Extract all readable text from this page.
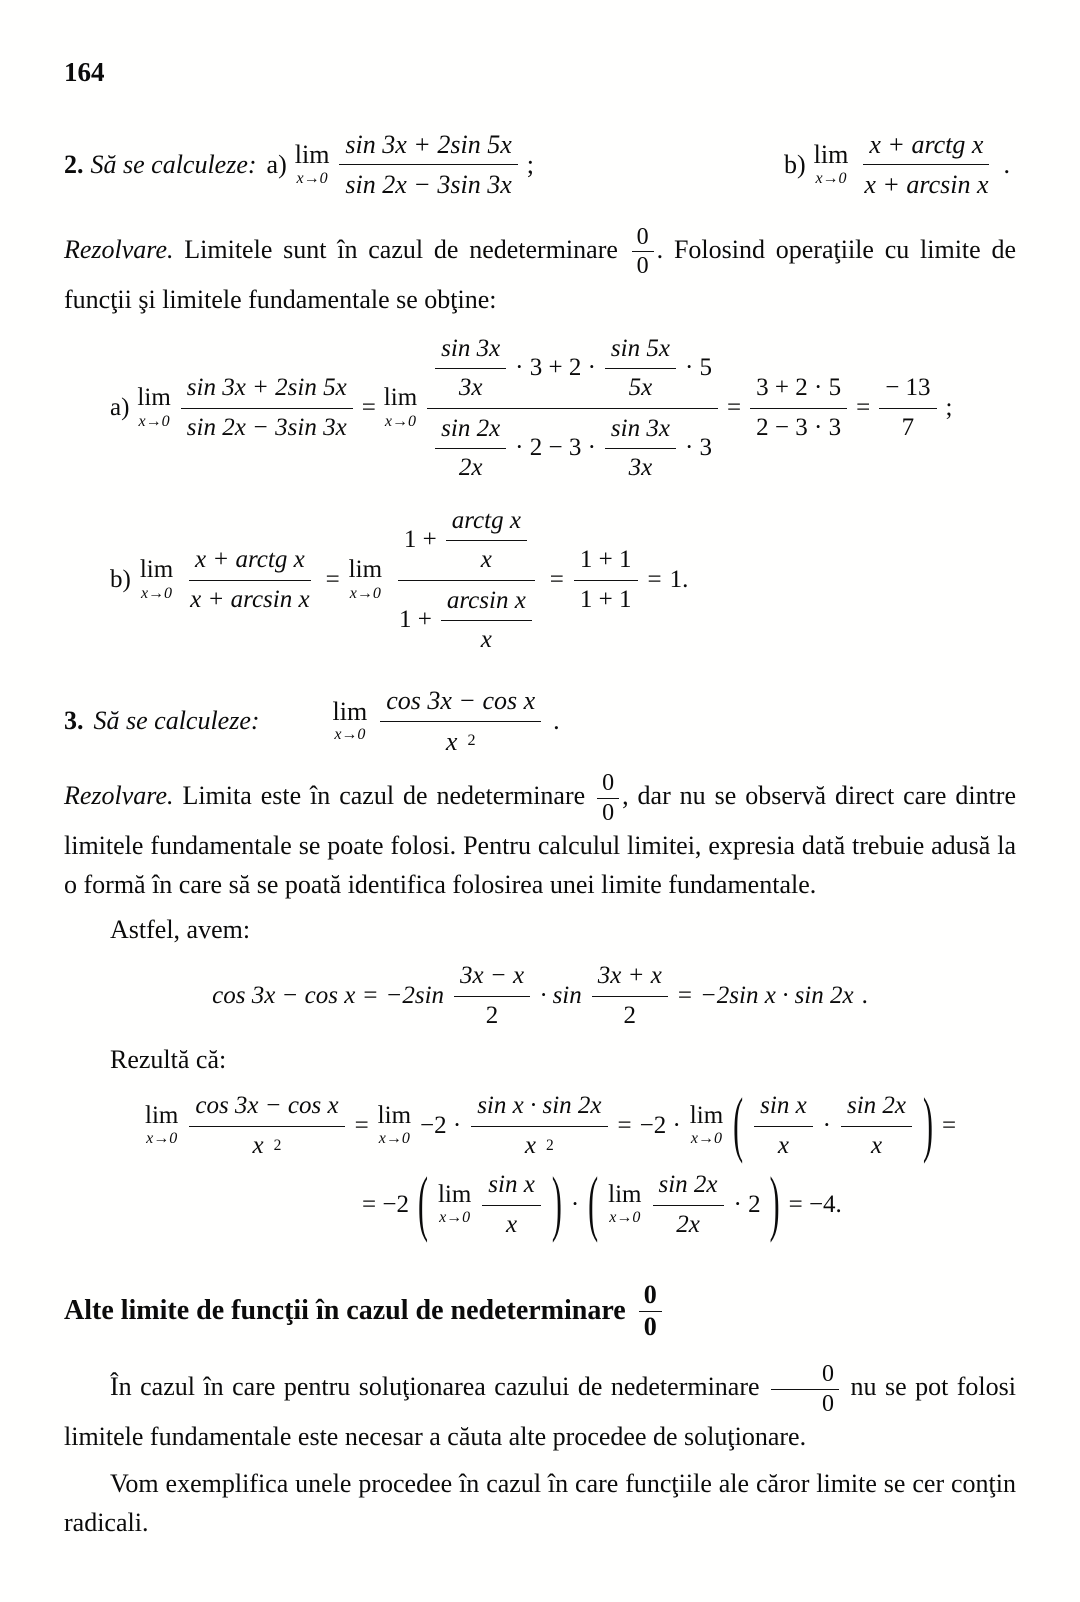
164
2. Să se calculeze: a) lim
$x\to 0 \frac{\sin 3x + 2\sin 5x}{\sin 2x - 3\sin 3x}$ ;	b) lim
$x\to 0 \frac{\text{x + arctg x}}{\text{x + arcsin x}}$ .

Rezolvare. Limitele sunt în cazul de nedeterminare $\frac{0}{0}$ . Folosind operaţiile cu limite de funcţii şi limitele fundamentale se obţine:

a) lim
$x\to 0 \frac{\sin 3x + 2\sin 5x}{\sin 2x - 3\sin 3x} = \lim$
x→0
$\frac{\sin 3x}{3x} \cdot 3 + 2 \cdot \frac{\sin 5x}{5x} \cdot 5$
$\frac{\sin 2x}{2x} \cdot 2 - 3 \cdot \frac{\sin 3x}{3x} \cdot 3$
= $\frac{3 + 2 \cdot 5}{2 - 3 \cdot 3} = \frac{- 13}{7}$ ;
b) lim
$x\to 0 \frac{\text{x + arctg x}}{\text{x + arcsin x}} = \lim$
$x\to 0 \frac{1 + \frac{\text{arctg x}}{x}}{1 + \frac{\text{arcsin x}}{x}} = \frac{1 + 1}{1 + 1} = 1$.
3. Să se calculeze:	lim
$x\to 0 \frac{\text{cos 3x − cos x}}{x 2}$ .

Rezolvare. Limita este în cazul de nedeterminare $\frac{0}{0}$ , dar nu se observă direct care dintre limitele fundamentale se poate folosi. Pentru calculul limitei, expresia dată trebuie adusă la o formă în care să se poată identifica folosirea unei limite fundamentale.

Astfel, avem:

$\cos 3x - \cos x = -2\sin \frac{3x - x}{2} \cdot \sin \frac{3x + x}{2} = -2\sin$ x · sin 2x .

Rezultă că:

lim
$x\to 0 \frac{\text{cos 3x − cos x}}{x 2} = \lim$
$x\to 0 -2 \cdot \frac{\text{sin x · sin 2x}}{x 2} = -2 \cdot \lim$
x→0 ( $\frac{\text{sin x}}{x} \cdot \frac{\sin 2x}{x}$ ) =
= −2 ( lim
$x\to 0 \frac{\text{sin x}}{x}$ ) · ( lim
$x\to 0 \frac{\sin 2x}{2x} \cdot 2$ ) = −4.
Alte limite de funcţii în cazul de nedeterminare $\frac{0}{0}$

În cazul în care pentru soluţionarea cazului de nedeterminare $\frac{0}{0}$ nu se pot folosi limitele fundamentale este necesar a căuta alte procedee de soluţionare.

Vom exemplifica unele procedee în cazul în care funcţiile ale căror limite se cer conţin radicali.
